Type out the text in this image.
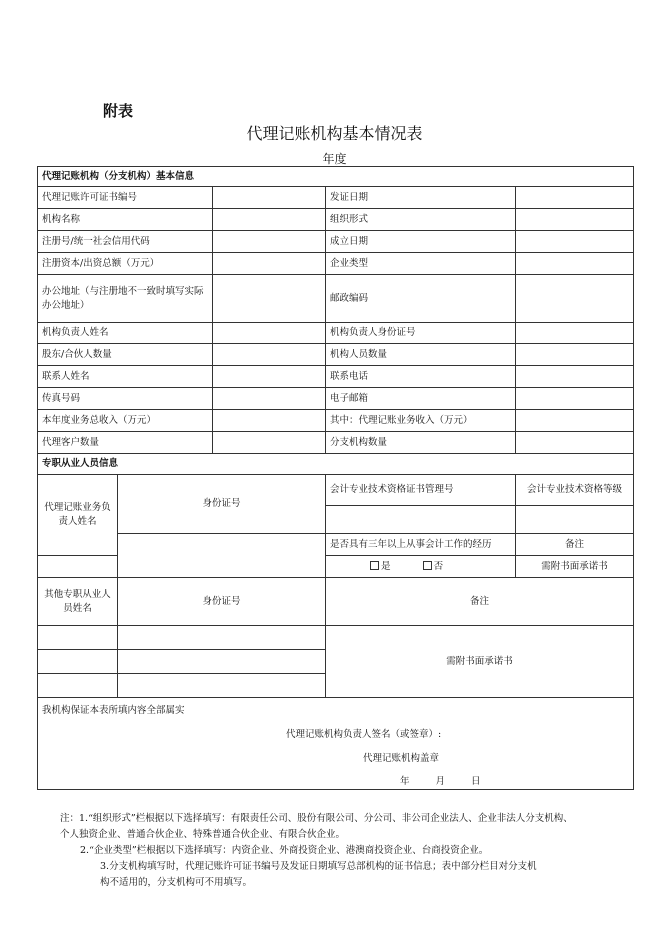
附表
代理记账机构基本情况表
年度
代理记账机构（分支机构）基本信息				
代理记账许可证书编号			发证日期	
机构名称			组织形式	
注册号/统一社会信用代码			成立日期	
注册资本/出资总额（万元）			企业类型	
办公地址（与注册地不一致时填写实际办公地址）			邮政编码	
机构负责人姓名			机构负责人身份证号	
股东/合伙人数量			机构人员数量	
联系人姓名			联系电话	
传真号码			电子邮箱	
本年度业务总收入（万元）			其中：代理记账业务收入（万元）	
代理客户数量			分支机构数量	
专职从业人员信息				
代理记账业务负责人姓名	身份证号		会计专业技术资格证书管理号	会计专业技术资格等级

			是否具有三年以上从事会计工作的经历	备注
			是 否	需附书面承诺书
其他专职从业人员姓名	身份证号		备注	
			需附书面承诺书	

我机构保证本表所填内容全部属实
代理记账机构负责人签名（或签章）:
代理记账机构盖章
年 月 日				
注：1.“组织形式”栏根据以下选择填写：有限责任公司、股份有限公司、分公司、非公司企业法人、企业非法人分支机构、
个人独资企业、普通合伙企业、特殊普通合伙企业、有限合伙企业。
2.“企业类型”栏根据以下选择填写：内资企业、外商投资企业、港澳商投资企业、台商投资企业。
3.分支机构填写时，代理记账许可证书编号及发证日期填写总部机构的证书信息；表中部分栏目对分支机
构不适用的，分支机构可不用填写。
